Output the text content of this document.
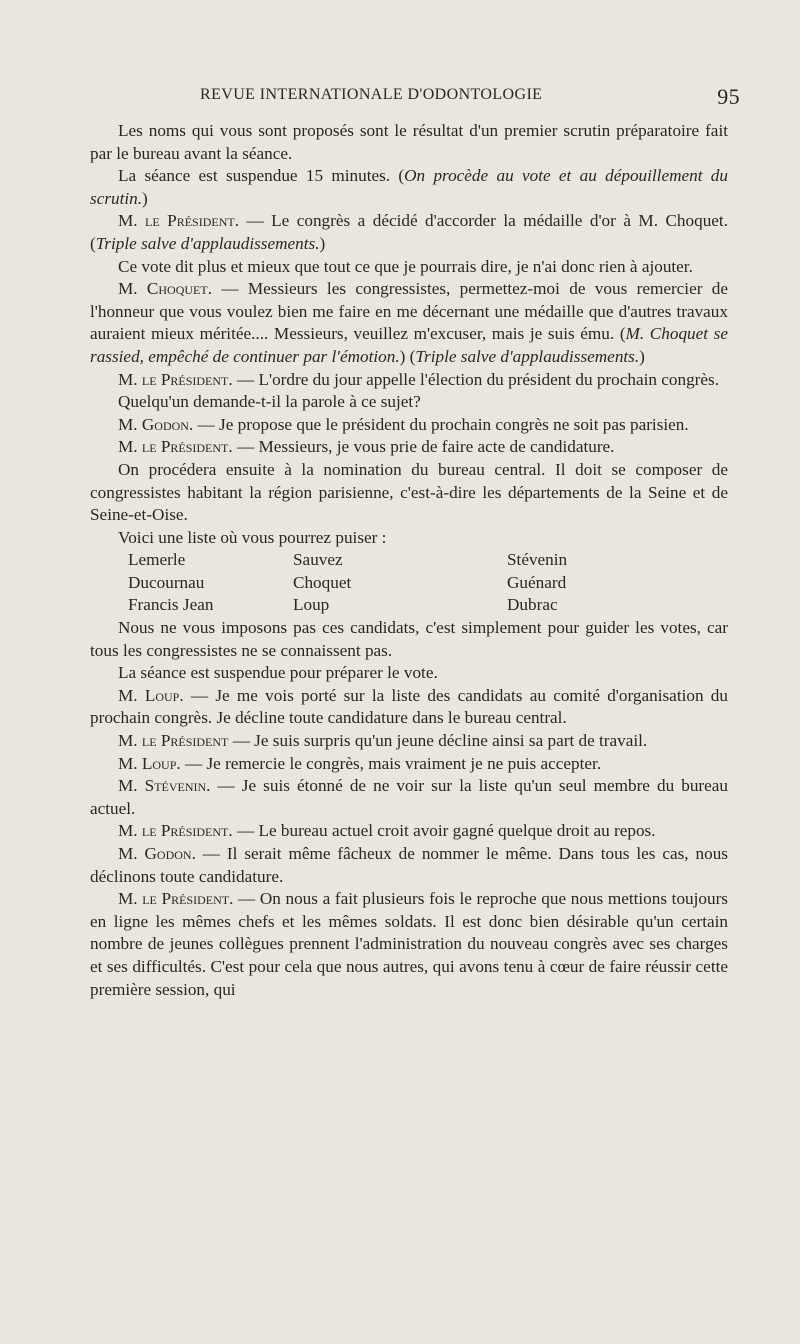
REVUE INTERNATIONALE D'ODONTOLOGIE	95

Les noms qui vous sont proposés sont le résultat d'un premier scrutin préparatoire fait par le bureau avant la séance.

La séance est suspendue 15 minutes. (On procède au vote et au dépouillement du scrutin.)

M. le Président. — Le congrès a décidé d'accorder la médaille d'or à M. Choquet. (Triple salve d'applaudissements.)

Ce vote dit plus et mieux que tout ce que je pourrais dire, je n'ai donc rien à ajouter.

M. Choquet. — Messieurs les congressistes, permettez-moi de vous remercier de l'honneur que vous voulez bien me faire en me décernant une médaille que d'autres travaux auraient mieux méritée.... Messieurs, veuillez m'excuser, mais je suis ému. (M. Choquet se rassied, empêché de continuer par l'émotion.) (Triple salve d'applaudissements.)

M. le Président. — L'ordre du jour appelle l'élection du président du prochain congrès.

Quelqu'un demande-t-il la parole à ce sujet?

M. Godon. — Je propose que le président du prochain congrès ne soit pas parisien.

M. le Président. — Messieurs, je vous prie de faire acte de candidature.

On procédera ensuite à la nomination du bureau central. Il doit se composer de congressistes habitant la région parisienne, c'est-à-dire les départements de la Seine et de Seine-et-Oise.

Voici une liste où vous pourrez puiser :

Lemerle	Sauvez	Stévenin
Ducournau	Choquet	Guénard
Francis Jean	Loup	Dubrac

Nous ne vous imposons pas ces candidats, c'est simplement pour guider les votes, car tous les congressistes ne se connaissent pas.

La séance est suspendue pour préparer le vote.

M. Loup. — Je me vois porté sur la liste des candidats au comité d'organisation du prochain congrès. Je décline toute candidature dans le bureau central.

M. le Président — Je suis surpris qu'un jeune décline ainsi sa part de travail.

M. Loup. — Je remercie le congrès, mais vraiment je ne puis accepter.

M. Stévenin. — Je suis étonné de ne voir sur la liste qu'un seul membre du bureau actuel.

M. le Président. — Le bureau actuel croit avoir gagné quelque droit au repos.

M. Godon. — Il serait même fâcheux de nommer le même. Dans tous les cas, nous déclinons toute candidature.

M. le Président. — On nous a fait plusieurs fois le reproche que nous mettions toujours en ligne les mêmes chefs et les mêmes soldats. Il est donc bien désirable qu'un certain nombre de jeunes collègues prennent l'administration du nouveau congrès avec ses charges et ses difficultés. C'est pour cela que nous autres, qui avons tenu à cœur de faire réussir cette première session, qui
